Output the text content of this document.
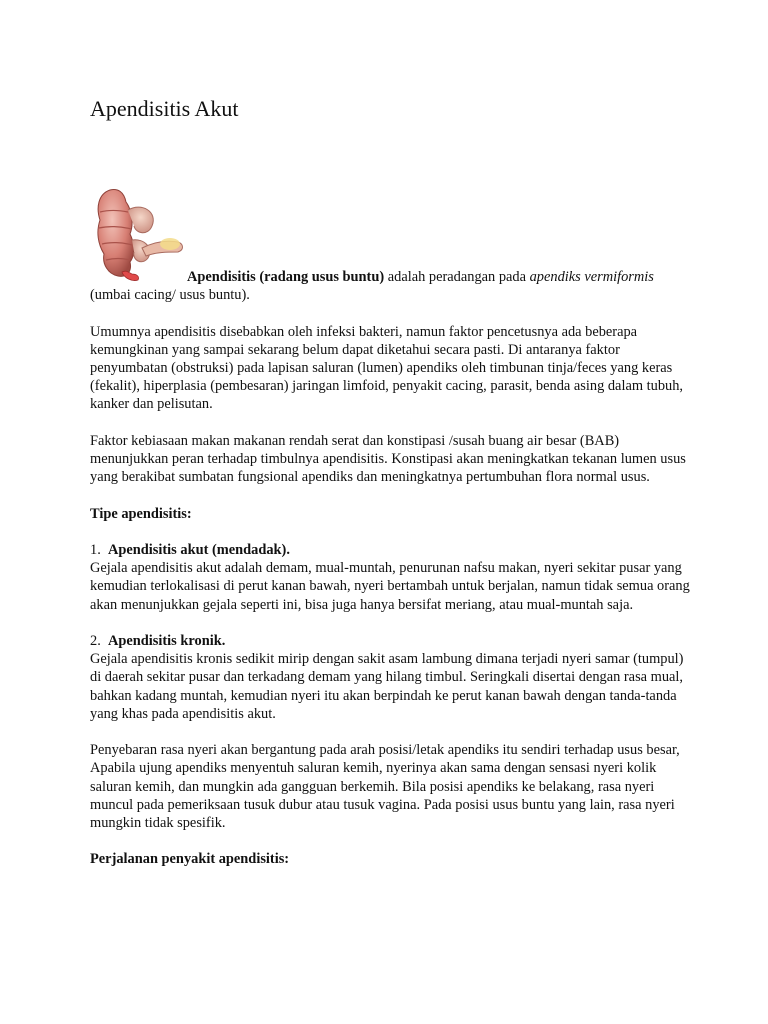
Apendisitis Akut

Apendisitis (radang usus buntu) adalah peradangan pada apendiks vermiformis
(umbai cacing/ usus buntu).

Umumnya apendisitis disebabkan oleh infeksi bakteri, namun faktor pencetusnya ada beberapa kemungkinan yang sampai sekarang belum dapat diketahui secara pasti. Di antaranya faktor penyumbatan (obstruksi) pada lapisan saluran (lumen) apendiks oleh timbunan tinja/feces yang keras (fekalit), hiperplasia (pembesaran) jaringan limfoid, penyakit cacing, parasit, benda asing dalam tubuh, kanker dan pelisutan.

Faktor kebiasaan makan makanan rendah serat dan konstipasi /susah buang air besar (BAB) menunjukkan peran terhadap timbulnya apendisitis. Konstipasi akan meningkatkan tekanan lumen usus yang berakibat sumbatan fungsional apendiks dan meningkatnya pertumbuhan flora normal usus.

Tipe apendisitis:

1. Apendisitis akut (mendadak).
Gejala apendisitis akut adalah demam, mual-muntah, penurunan nafsu makan, nyeri sekitar pusar yang kemudian terlokalisasi di perut kanan bawah, nyeri bertambah untuk berjalan, namun tidak semua orang akan menunjukkan gejala seperti ini, bisa juga hanya bersifat meriang, atau mual-muntah saja.

2. Apendisitis kronik.
Gejala apendisitis kronis sedikit mirip dengan sakit asam lambung dimana terjadi nyeri samar (tumpul) di daerah sekitar pusar dan terkadang demam yang hilang timbul. Seringkali disertai dengan rasa mual, bahkan kadang muntah, kemudian nyeri itu akan berpindah ke perut kanan bawah dengan tanda-tanda yang khas pada apendisitis akut.

Penyebaran rasa nyeri akan bergantung pada arah posisi/letak apendiks itu sendiri terhadap usus besar, Apabila ujung apendiks menyentuh saluran kemih, nyerinya akan sama dengan sensasi nyeri kolik saluran kemih, dan mungkin ada gangguan berkemih. Bila posisi apendiks ke belakang, rasa nyeri muncul pada pemeriksaan tusuk dubur atau tusuk vagina. Pada posisi usus buntu yang lain, rasa nyeri mungkin tidak spesifik.

Perjalanan penyakit apendisitis:
